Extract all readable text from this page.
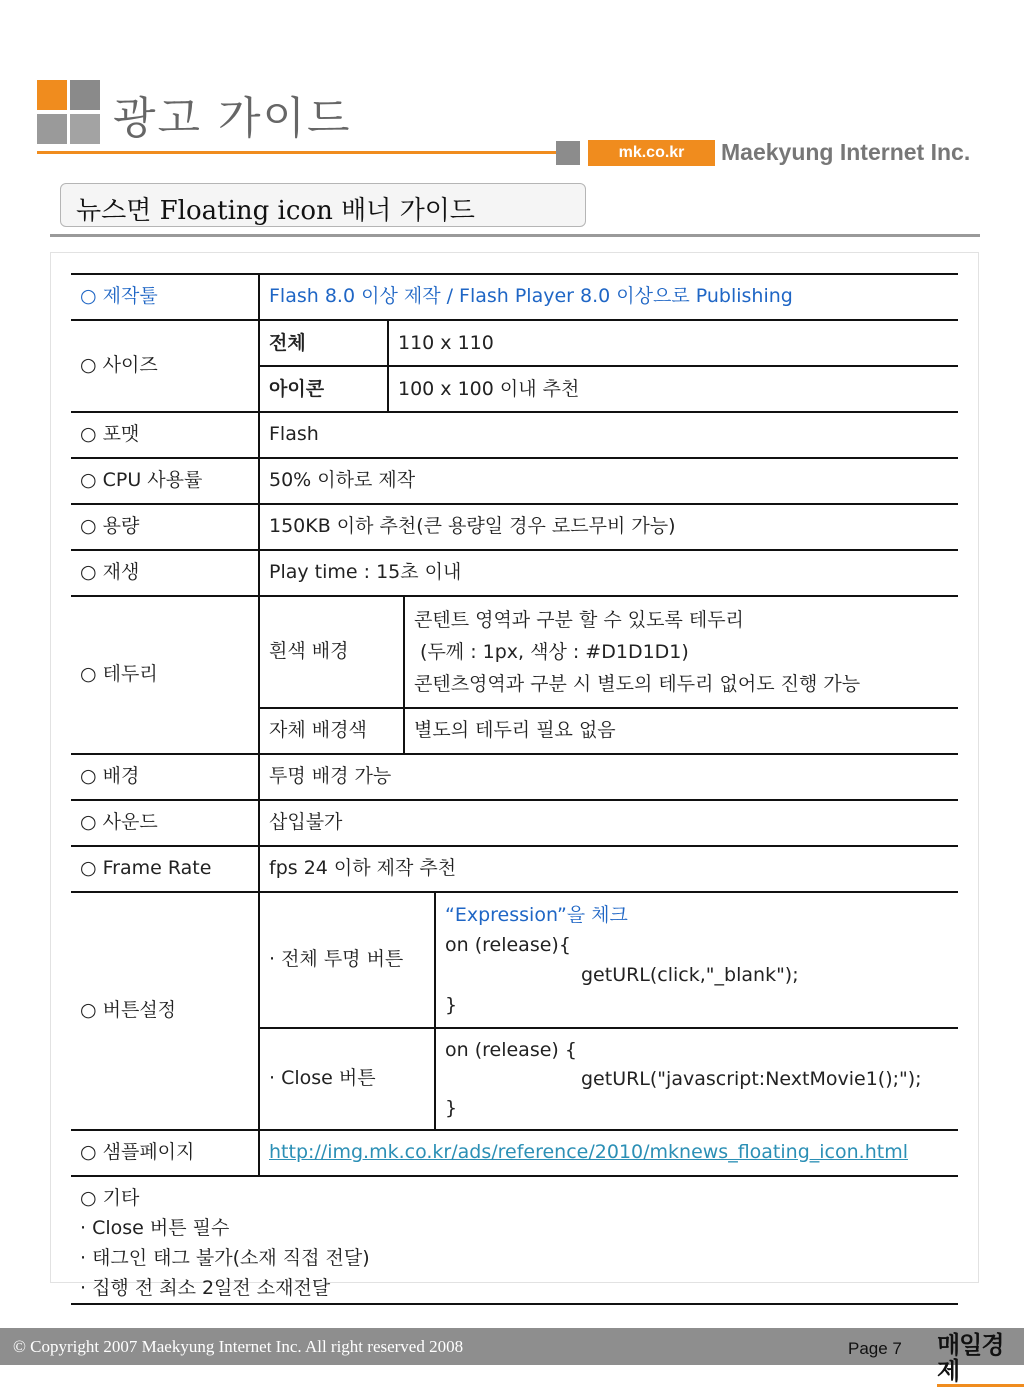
광고 가이드
mk.co.kr	Maekyung Internet Inc.
뉴스면 Floating icon 배너 가이드
○ 제작툴	Flash 8.0 이상 제작 / Flash Player 8.0 이상으로 Publishing			
○ 사이즈	전체	110 x 110		
	아이콘	100 x 100 이내 추천		
○ 포맷	Flash			
○ CPU 사용률	50% 이하로 제작			
○ 용량	150KB 이하 추천(큰 용량일 경우 로드무비 가능)			
○ 재생	Play time : 15초 이내			
○ 테두리	흰색 배경		콘텐트 영역과 구분 할 수 있도록 테두리
(두께 : 1px, 색상 : #D1D1D1)
콘텐츠영역과 구분 시 별도의 테두리 없어도 진행 가능	

	자체 배경색		별도의 테두리 필요 없음	
○ 배경	투명 배경 가능			
○ 사운드	삽입불가			
○ Frame Rate	fps 24 이하 제작 추천			
○ 버튼설정	· 전체 투명 버튼			“Expression”을 체크
on (release){
getURL(click,"_blank");
}

	· Close 버튼			on (release) {
getURL("javascript:NextMovie1();");
}

○ 샘플페이지	http://img.mk.co.kr/ads/reference/2010/mknews_floating_icon.html			
○ 기타
· Close 버튼 필수
· 태그인 태그 불가(소재 직접 전달)
· 집행 전 최소 2일전 소재전달
© Copyright 2007 Maekyung Internet Inc. All right reserved 2008	Page 7 매일경제
